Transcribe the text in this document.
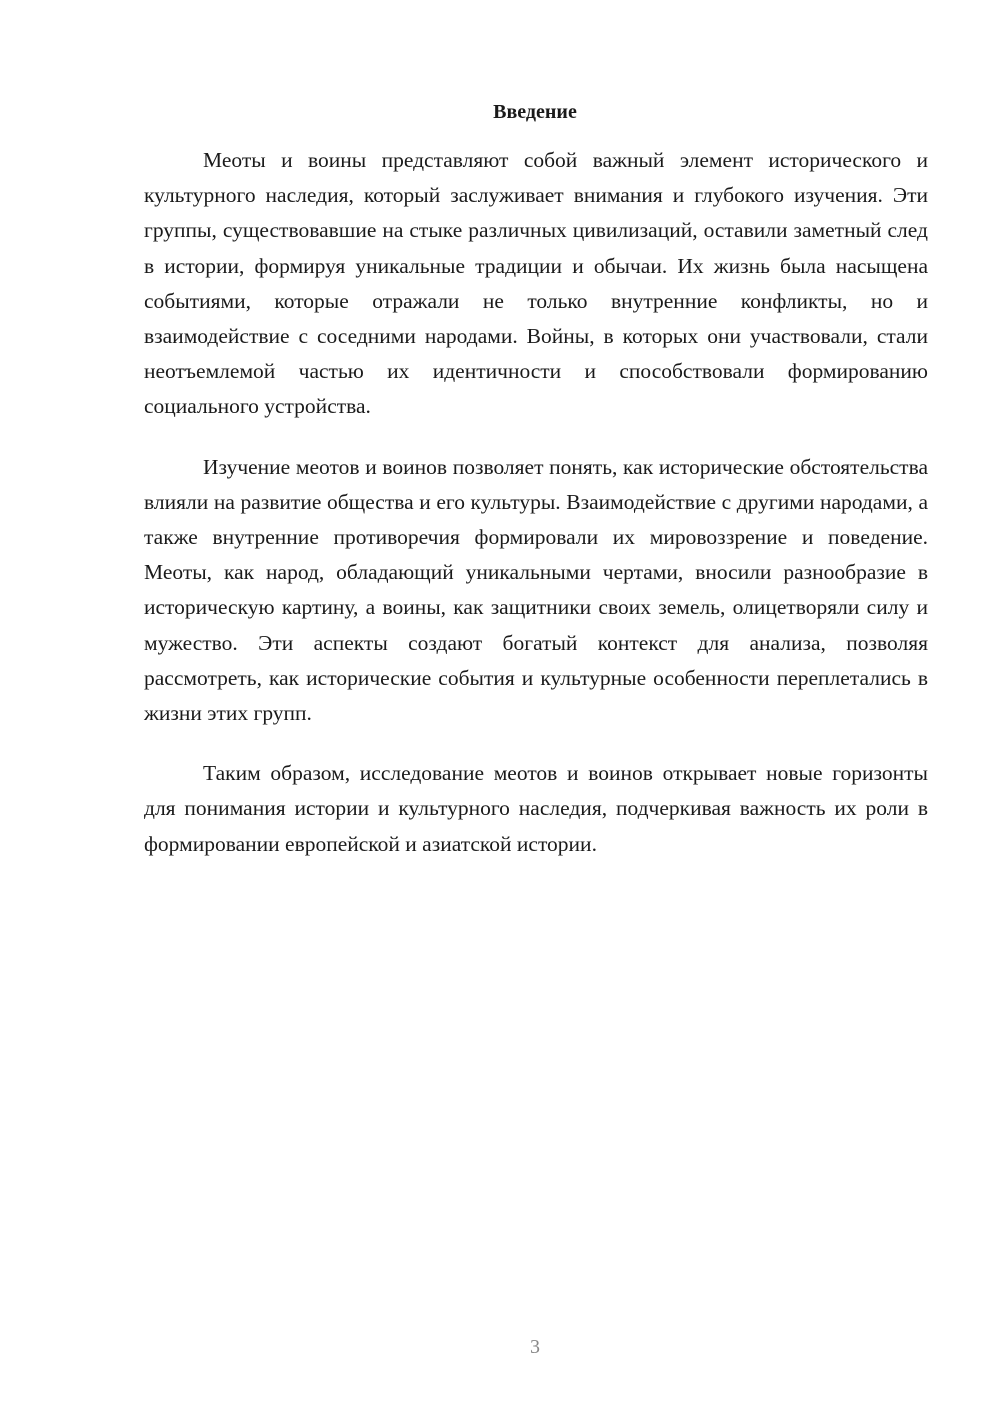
Введение

Меоты и воины представляют собой важный элемент исторического и культурного наследия, который заслуживает внимания и глубокого изучения. Эти группы, существовавшие на стыке различных цивилизаций, оставили заметный след в истории, формируя уникальные традиции и обычаи. Их жизнь была насыщена событиями, которые отражали не только внутренние конфликты, но и взаимодействие с соседними народами. Войны, в которых они участвовали, стали неотъемлемой частью их идентичности и способствовали формированию социального устройства.

Изучение меотов и воинов позволяет понять, как исторические обстоятельства влияли на развитие общества и его культуры. Взаимодействие с другими народами, а также внутренние противоречия формировали их мировоззрение и поведение. Меоты, как народ, обладающий уникальными чертами, вносили разнообразие в историческую картину, а воины, как защитники своих земель, олицетворяли силу и мужество. Эти аспекты создают богатый контекст для анализа, позволяя рассмотреть, как исторические события и культурные особенности переплетались в жизни этих групп.

Таким образом, исследование меотов и воинов открывает новые горизонты для понимания истории и культурного наследия, подчеркивая важность их роли в формировании европейской и азиатской истории.

3
